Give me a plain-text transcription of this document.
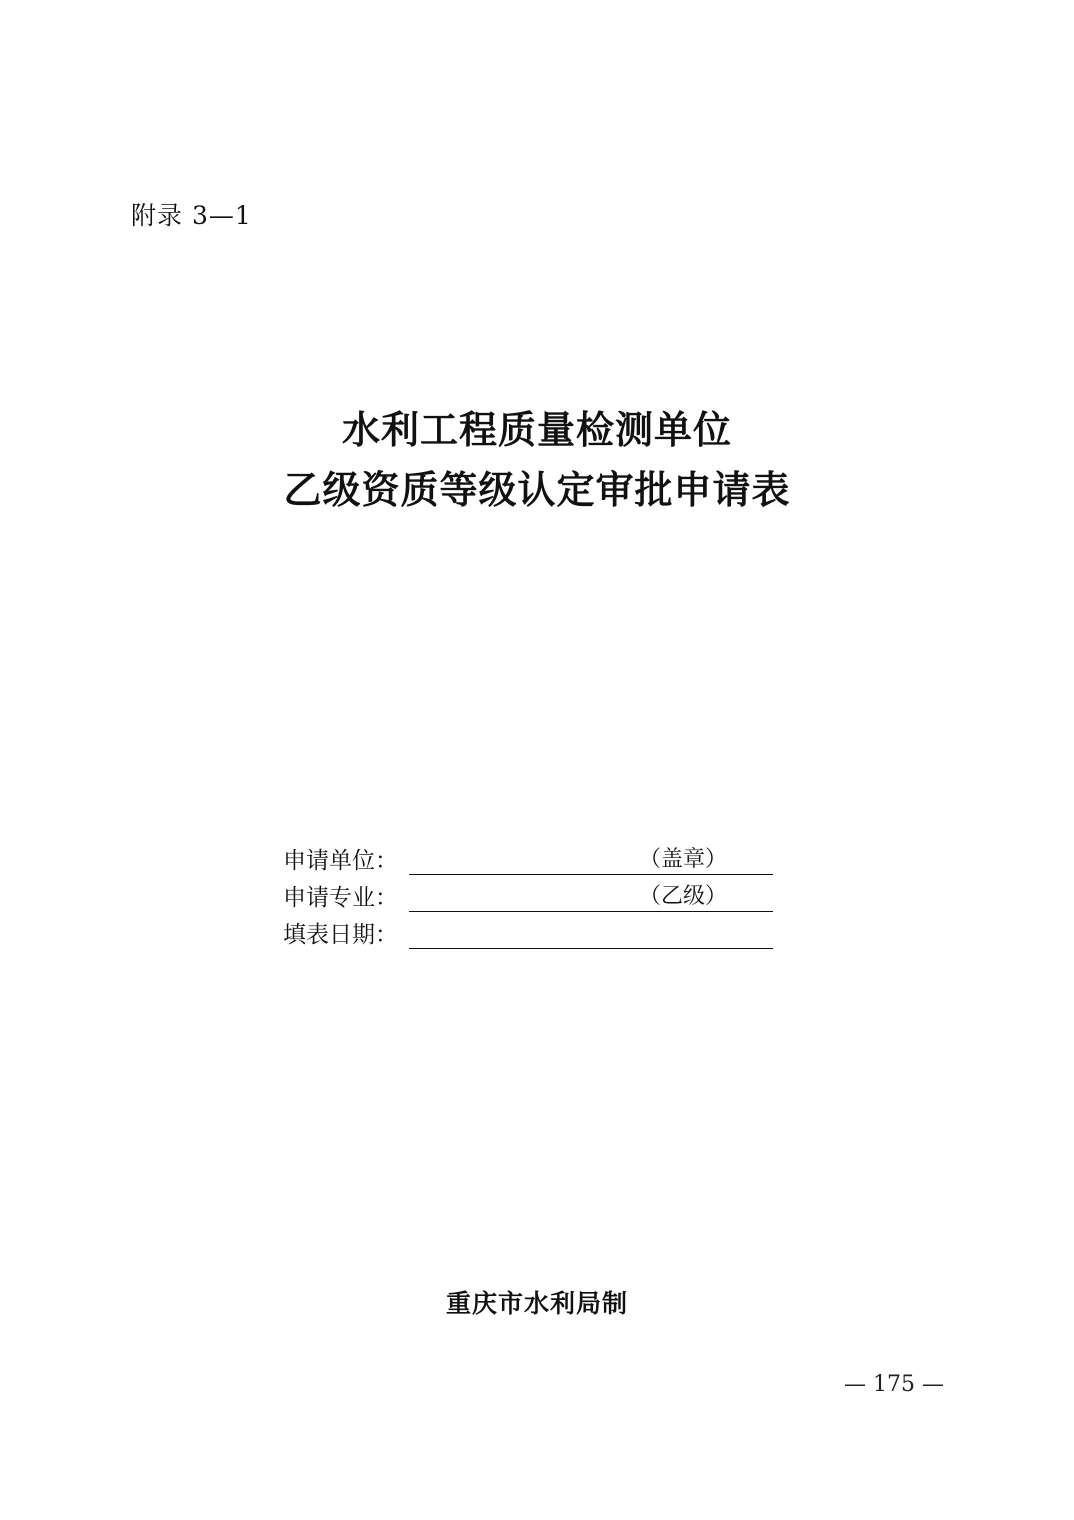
附录 3—1
水利工程质量检测单位
乙级资质等级认定审批申请表
申请单位：	（盖章）
申请专业：	（乙级）
填表日期：
重庆市水利局制
— 175 —
